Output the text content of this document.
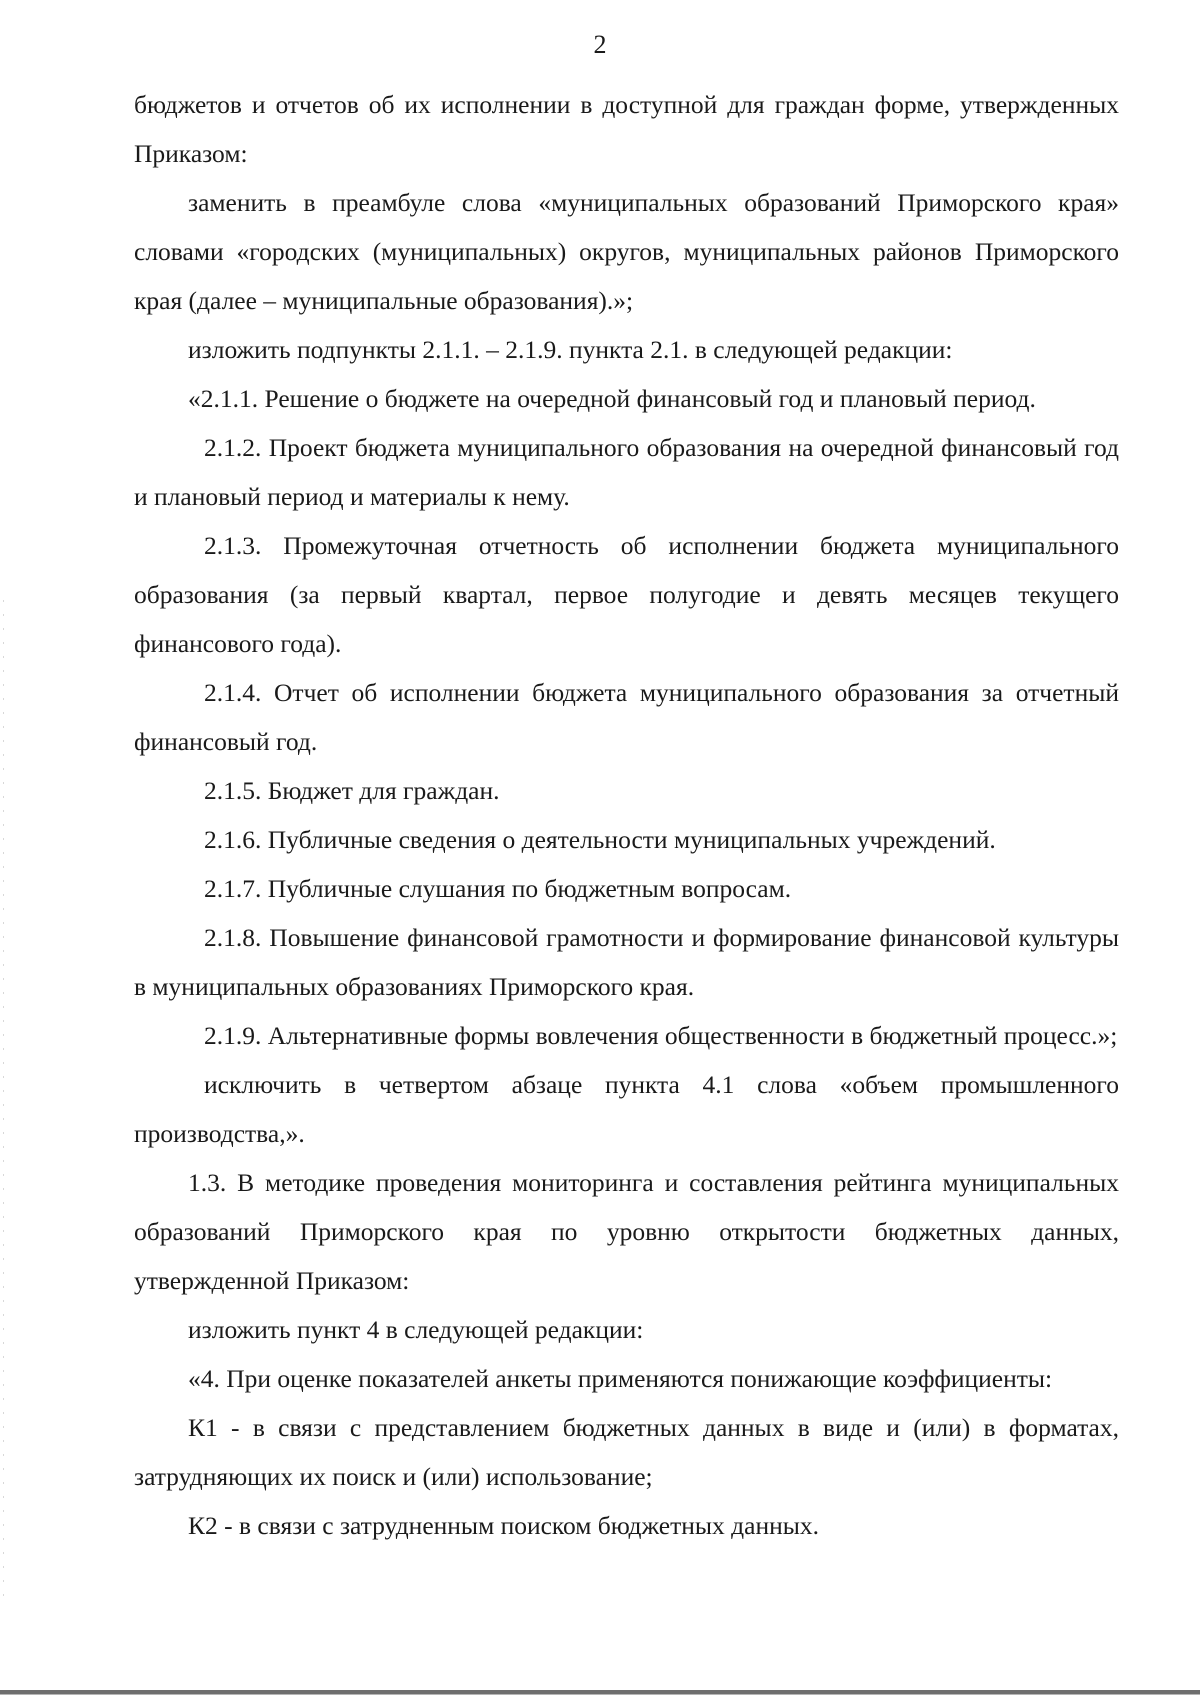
2

бюджетов и отчетов об их исполнении в доступной для граждан форме, утвержденных Приказом:

заменить в преамбуле слова «муниципальных образований Приморского края» словами «городских (муниципальных) округов, муниципальных районов Приморского края (далее – муниципальные образования).»;

изложить подпункты 2.1.1. – 2.1.9. пункта 2.1. в следующей редакции:

«2.1.1. Решение о бюджете на очередной финансовый год и плановый период.

2.1.2. Проект бюджета муниципального образования на очередной финансовый год и плановый период и материалы к нему.

2.1.3. Промежуточная отчетность об исполнении бюджета муниципального образования (за первый квартал, первое полугодие и девять месяцев текущего финансового года).

2.1.4. Отчет об исполнении бюджета муниципального образования за отчетный финансовый год.

2.1.5. Бюджет для граждан.

2.1.6. Публичные сведения о деятельности муниципальных учреждений.

2.1.7. Публичные слушания по бюджетным вопросам.

2.1.8. Повышение финансовой грамотности и формирование финансовой культуры в муниципальных образованиях Приморского края.

2.1.9. Альтернативные формы вовлечения общественности в бюджетный процесс.»;

исключить в четвертом абзаце пункта 4.1 слова «объем промышленного производства,».

1.3. В методике проведения мониторинга и составления рейтинга муниципальных образований Приморского края по уровню открытости бюджетных данных, утвержденной Приказом:

изложить пункт 4 в следующей редакции:

«4. При оценке показателей анкеты применяются понижающие коэффициенты:

К1 - в связи с представлением бюджетных данных в виде и (или) в форматах, затрудняющих их поиск и (или) использование;

К2 - в связи с затрудненным поиском бюджетных данных.
